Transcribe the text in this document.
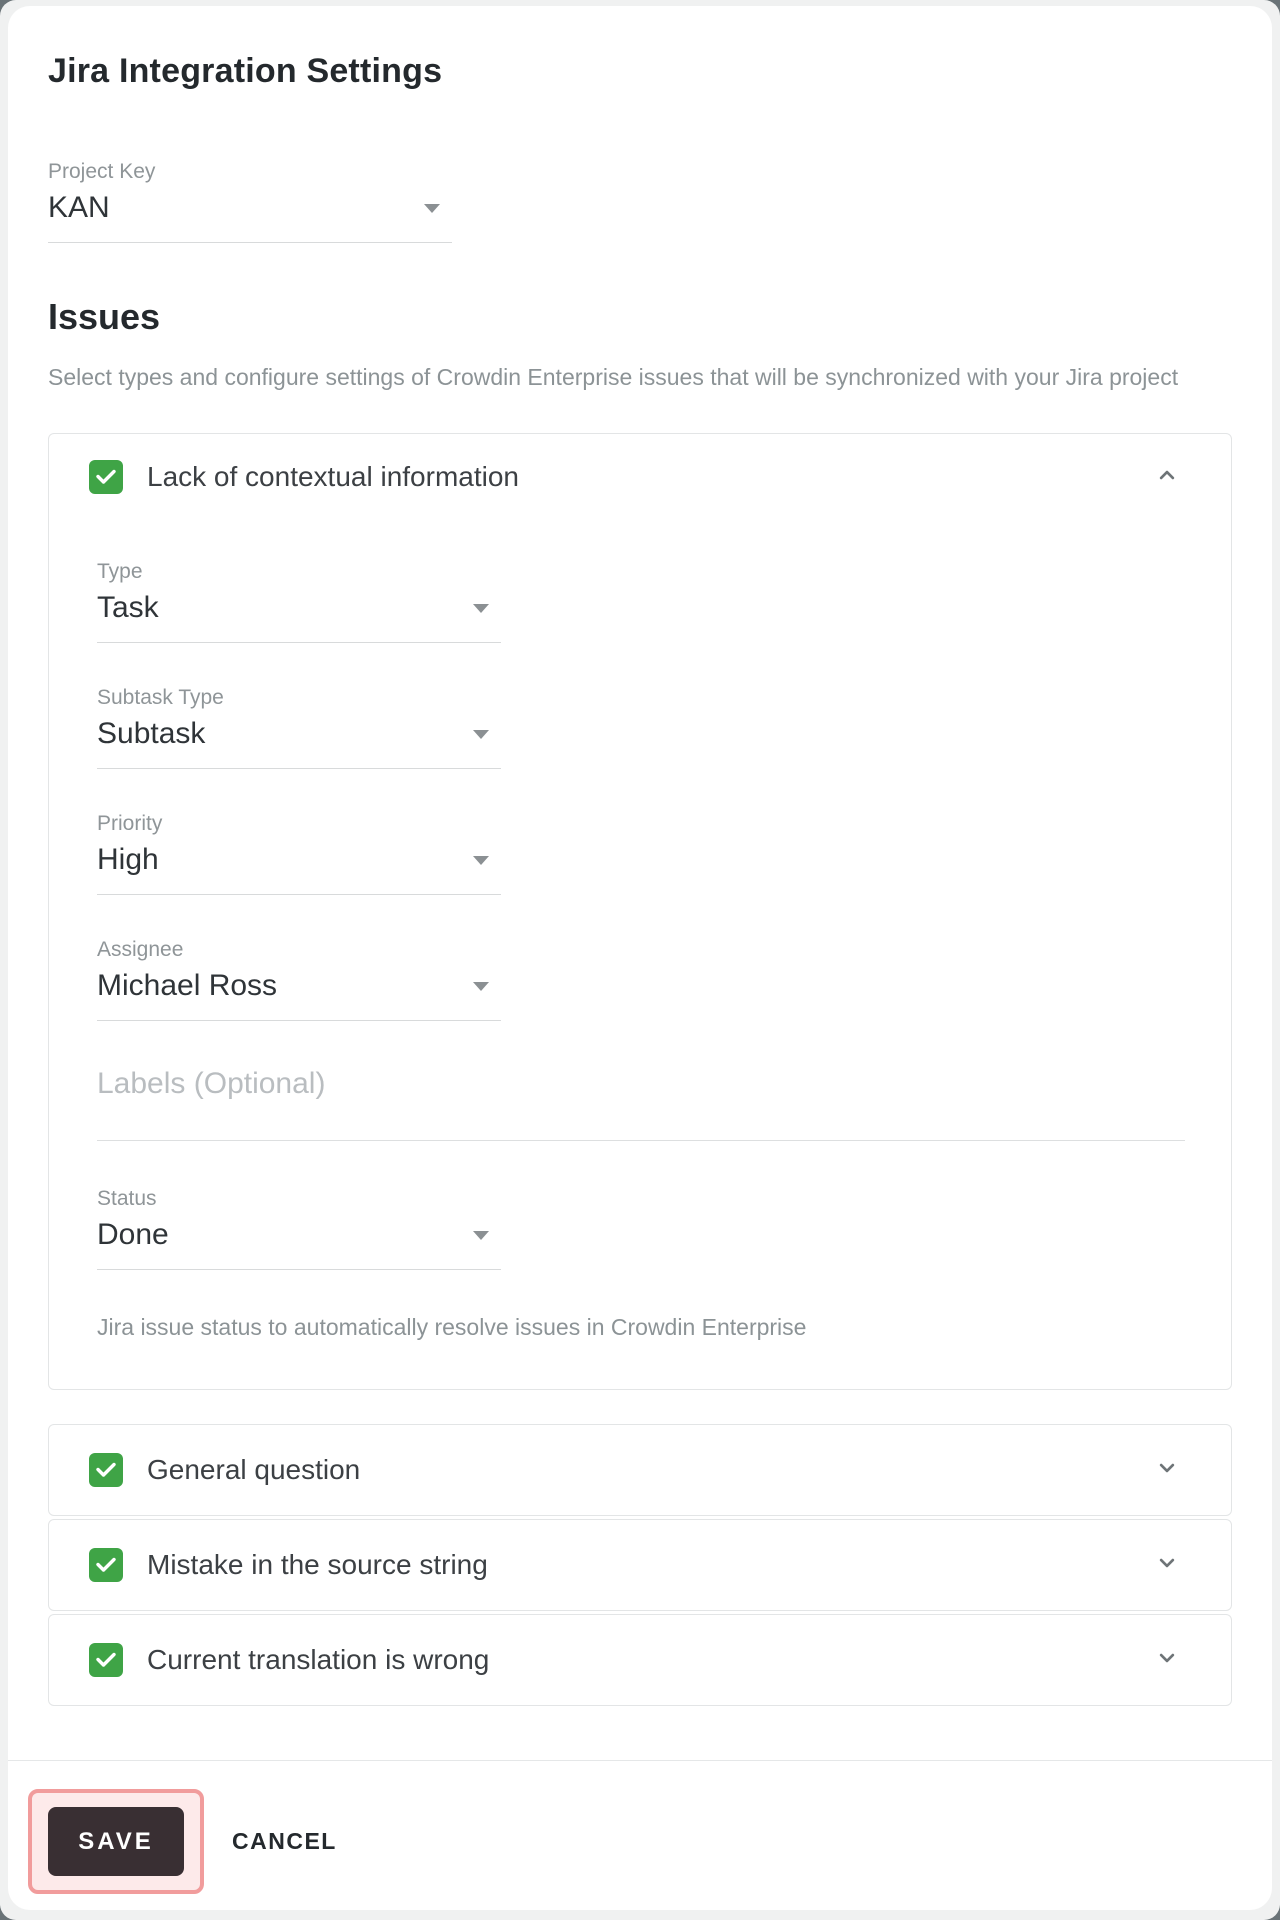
Jira Integration Settings
Project Key
KAN
Issues
Select types and configure settings of Crowdin Enterprise issues that will be synchronized with your Jira project
Lack of contextual information
Type
Task
Subtask Type
Subtask
Priority
High
Assignee
Michael Ross
Labels (Optional)
Status
Done
Jira issue status to automatically resolve issues in Crowdin Enterprise
General question
Mistake in the source string
Current translation is wrong
SAVE	CANCEL
